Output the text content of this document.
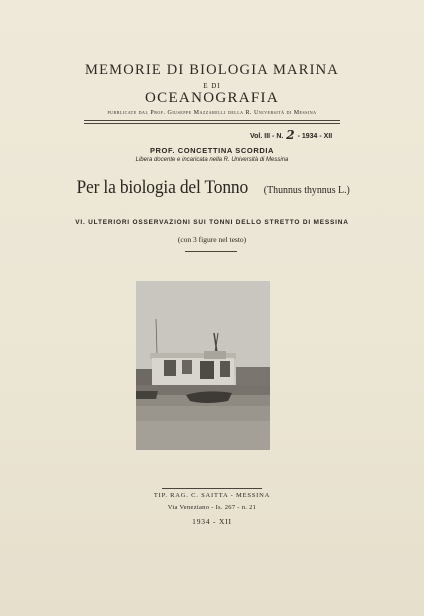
MEMORIE DI BIOLOGIA MARINA
E DI
OCEANOGRAFIA
pubblicate dal Prof. Giuseppe Mazzarelli della R. Università di Messina
Vol. III - N. 2 - 1934 - XII
PROF. CONCETTINA SCORDIA
Libera docente e incaricata nella R. Università di Messina
Per la biologia del Tonno (Thunnus thynnus L.)
VI. ULTERIORI OSSERVAZIONI SUI TONNI DELLO STRETTO DI MESSINA
(con 3 figure nel testo)
TIP. RAG. C. SAITTA - MESSINA
Via Veneziano - Is. 267 - n. 21
1934 - XII
